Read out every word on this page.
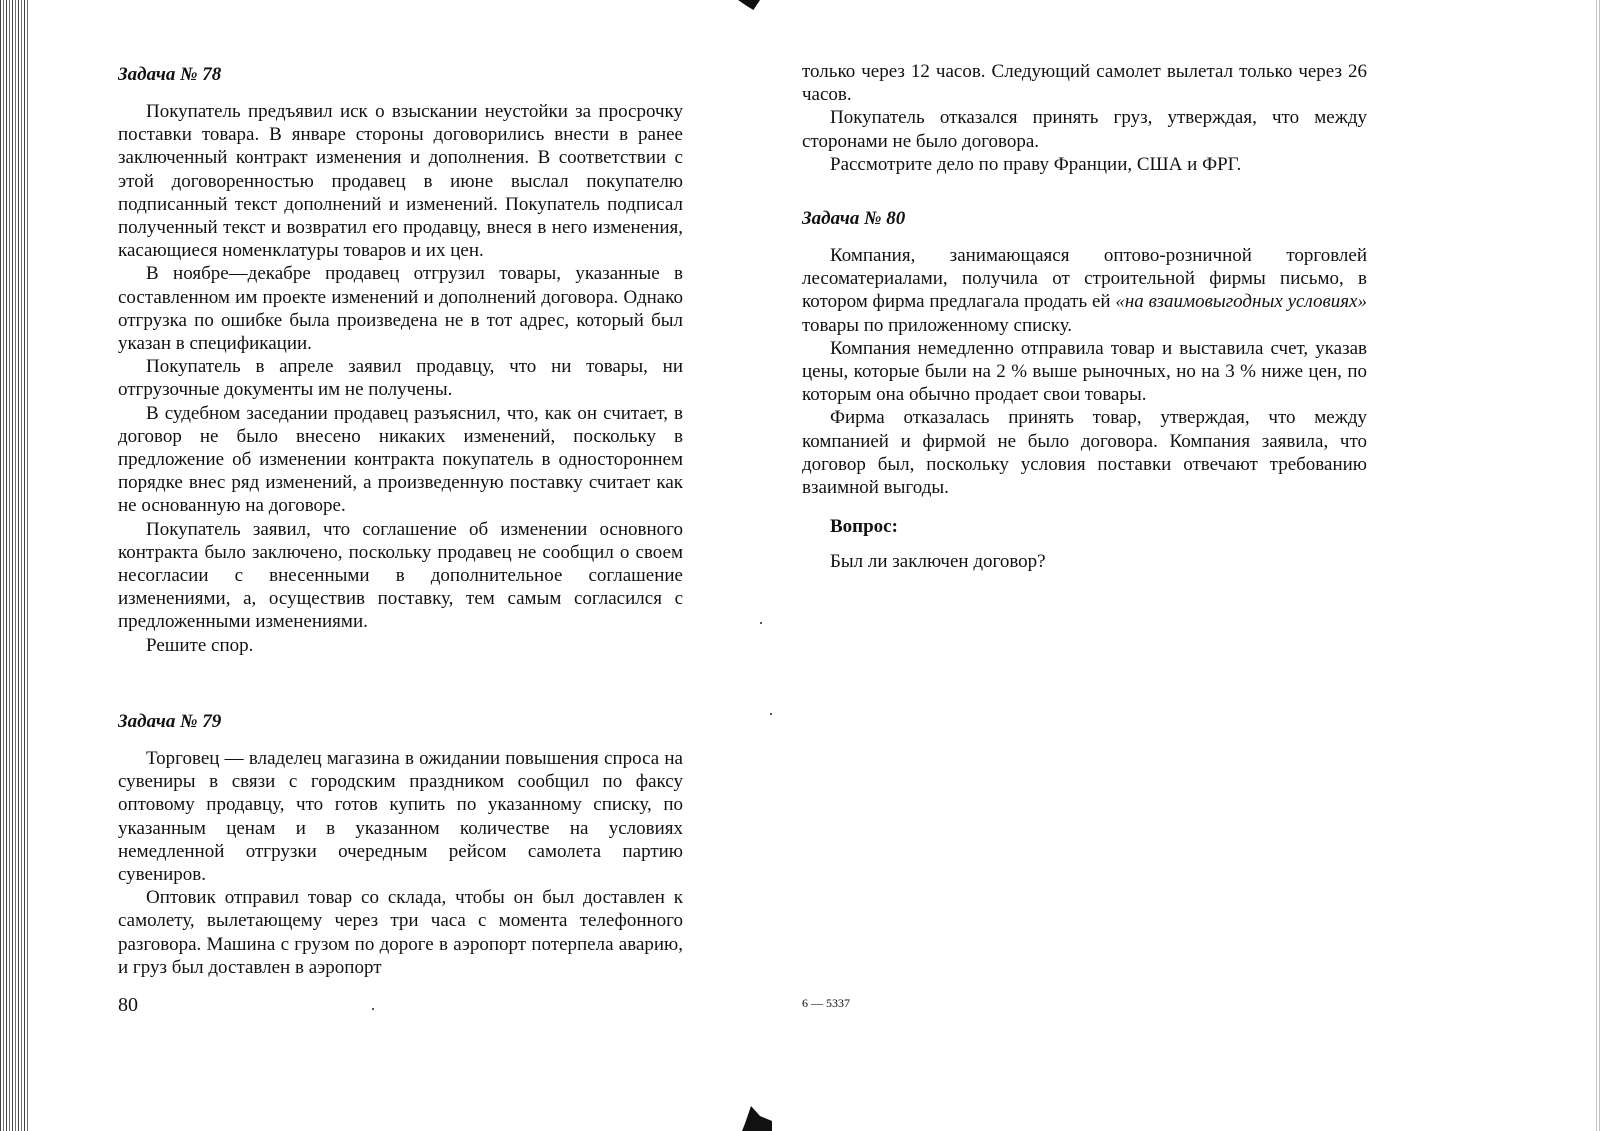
Задача № 78

Покупатель предъявил иск о взыскании неустойки за просрочку поставки товара. В январе стороны договорились внести в ранее заключенный контракт изменения и дополнения. В соответствии с этой договоренностью продавец в июне выслал покупателю подписанный текст дополнений и изменений. Покупатель подписал полученный текст и возвратил его продавцу, внеся в него изменения, касающиеся номенклатуры товаров и их цен.

В ноябре—декабре продавец отгрузил товары, указанные в составленном им проекте изменений и дополнений договора. Однако отгрузка по ошибке была произведена не в тот адрес, который был указан в спецификации.

Покупатель в апреле заявил продавцу, что ни товары, ни отгрузочные документы им не получены.

В судебном заседании продавец разъяснил, что, как он считает, в договор не было внесено никаких изменений, поскольку в предложение об изменении контракта покупатель в одностороннем порядке внес ряд изменений, а произведенную поставку считает как не основанную на договоре.

Покупатель заявил, что соглашение об изменении основного контракта было заключено, поскольку продавец не сообщил о своем несогласии с внесенными в дополнительное соглашение изменениями, а, осуществив поставку, тем самым согласился с предложенными изменениями.

Решите спор.

Задача № 79

Торговец — владелец магазина в ожидании повышения спроса на сувениры в связи с городским праздником сообщил по факсу оптовому продавцу, что готов купить по указанному списку, по указанным ценам и в указанном количестве на условиях немедленной отгрузки очередным рейсом самолета партию сувениров.

Оптовик отправил товар со склада, чтобы он был доставлен к самолету, вылетающему через три часа с момента телефонного разговора. Машина с грузом по дороге в аэропорт потерпела аварию, и груз был доставлен в аэропорт

80

только через 12 часов. Следующий самолет вылетал только через 26 часов.

Покупатель отказался принять груз, утверждая, что между сторонами не было договора.

Рассмотрите дело по праву Франции, США и ФРГ.

Задача № 80

Компания, занимающаяся оптово-розничной торговлей лесоматериалами, получила от строительной фирмы письмо, в котором фирма предлагала продать ей «на взаимовыгодных условиях» товары по приложенному списку.

Компания немедленно отправила товар и выставила счет, указав цены, которые были на 2 % выше рыночных, но на 3 % ниже цен, по которым она обычно продает свои товары.

Фирма отказалась принять товар, утверждая, что между компанией и фирмой не было договора. Компания заявила, что договор был, поскольку условия поставки отвечают требованию взаимной выгоды.

Вопрос:
Был ли заключен договор?
6 — 5337
